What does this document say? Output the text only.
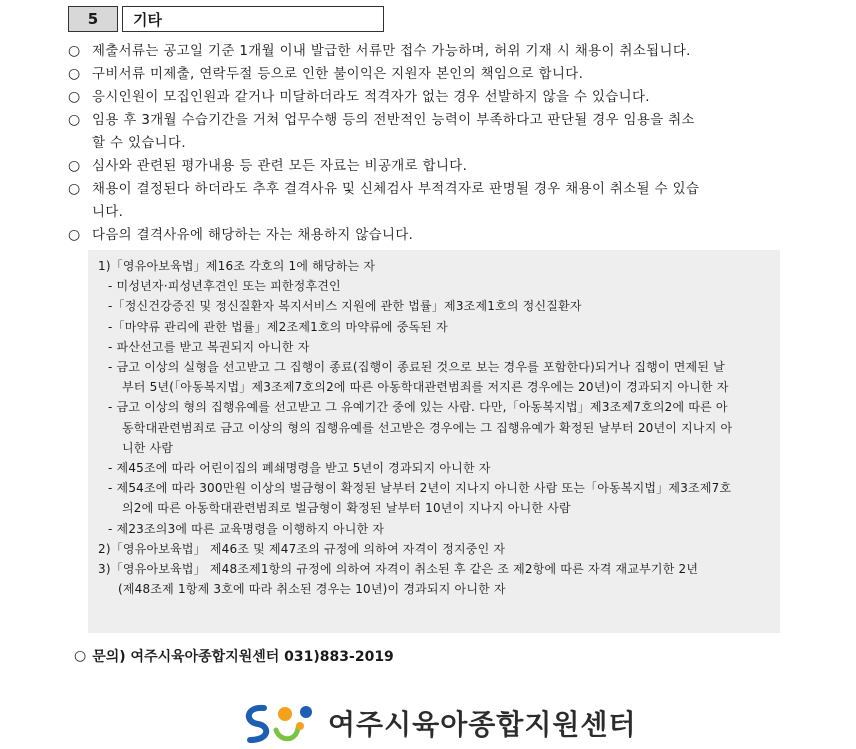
5	기타
○ 제출서류는 공고일 기준 1개월 이내 발급한 서류만 접수 가능하며, 허위 기재 시 채용이 취소됩니다.
○ 구비서류 미제출, 연락두절 등으로 인한 불이익은 지원자 본인의 책임으로 합니다.
○ 응시인원이 모집인원과 같거나 미달하더라도 적격자가 없는 경우 선발하지 않을 수 있습니다.
○ 임용 후 3개월 수습기간을 거쳐 업무수행 등의 전반적인 능력이 부족하다고 판단될 경우 임용을 취소
할 수 있습니다.
○ 심사와 관련된 평가내용 등 관련 모든 자료는 비공개로 합니다.
○ 채용이 결정된다 하더라도 추후 결격사유 및 신체검사 부적격자로 판명될 경우 채용이 취소될 수 있습
니다.
○ 다음의 결격사유에 해당하는 자는 채용하지 않습니다.
1)「영유아보육법」제16조 각호의 1에 해당하는 자
- 미성년자·피성년후견인 또는 피한정후견인
-「정신건강증진 및 정신질환자 복지서비스 지원에 관한 법률」제3조제1호의 정신질환자
-「마약류 관리에 관한 법률」제2조제1호의 마약류에 중독된 자
- 파산선고를 받고 복권되지 아니한 자
- 금고 이상의 실형을 선고받고 그 집행이 종료(집행이 종료된 것으로 보는 경우를 포함한다)되거나 집행이 면제된 날
부터 5년(「아동복지법」제3조제7호의2에 따른 아동학대관련범죄를 저지른 경우에는 20년)이 경과되지 아니한 자
- 금고 이상의 형의 집행유예를 선고받고 그 유예기간 중에 있는 사람. 다만,「아동복지법」제3조제7호의2에 따른 아
동학대관련범죄로 금고 이상의 형의 집행유예를 선고받은 경우에는 그 집행유예가 확정된 날부터 20년이 지나지 아
니한 사람
- 제45조에 따라 어린이집의 폐쇄명령을 받고 5년이 경과되지 아니한 자
- 제54조에 따라 300만원 이상의 벌금형이 확정된 날부터 2년이 지나지 아니한 사람 또는「아동복지법」제3조제7호
의2에 따른 아동학대관련범죄로 벌금형이 확정된 날부터 10년이 지나지 아니한 사람
- 제23조의3에 따른 교육명령을 이행하지 아니한 자
2)「영유아보육법」 제46조 및 제47조의 규정에 의하여 자격이 정지중인 자
3)「영유아보육법」 제48조제1항의 규정에 의하여 자격이 취소된 후 같은 조 제2항에 따른 자격 재교부기한 2년
(제48조제 1항제 3호에 따라 취소된 경우는 10년)이 경과되지 아니한 자
○ 문의) 여주시육아종합지원센터 031)883-2019
여주시육아종합지원센터
